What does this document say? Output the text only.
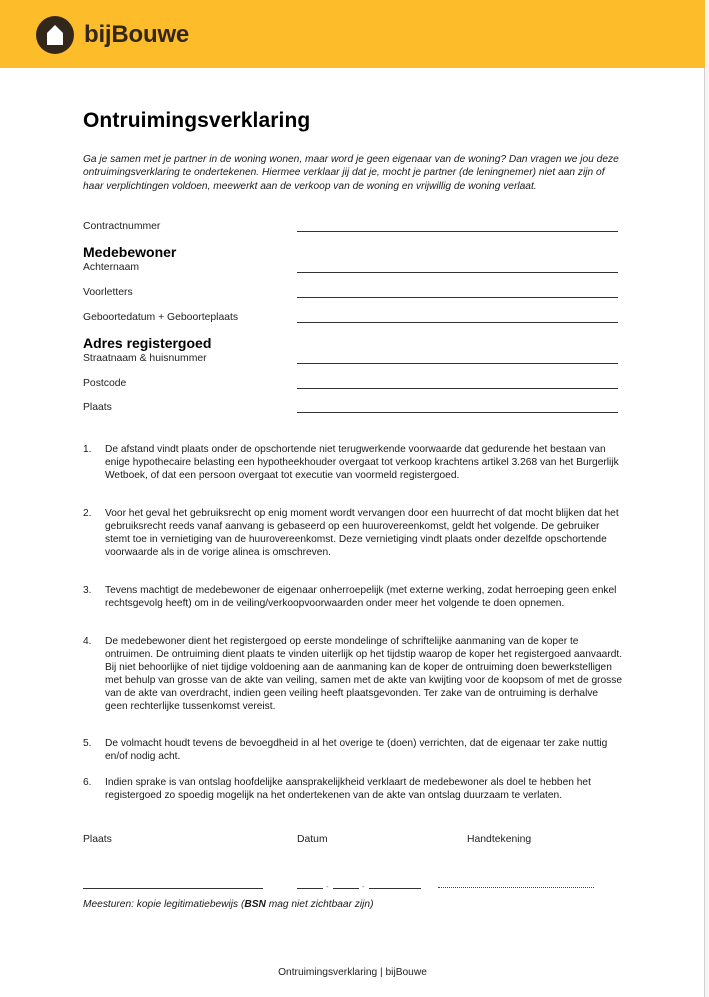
bijBouwe
Ontruimingsverklaring

Ga je samen met je partner in de woning wonen, maar word je geen eigenaar van de woning? Dan vragen we jou deze ontruimingsverklaring te ondertekenen. Hiermee verklaar jij dat je, mocht je partner (de leningnemer) niet aan zijn of haar verplichtingen voldoen, meewerkt aan de verkoop van de woning en vrijwillig de woning verlaat.

Contractnummer
Medebewoner
Achternaam
Voorletters
Geboortedatum + Geboorteplaats
Adres registergoed
Straatnaam & huisnummer
Postcode
Plaats
1.	De afstand vindt plaats onder de opschortende niet terugwerkende voorwaarde dat gedurende het bestaan van enige hypothecaire belasting een hypotheekhouder overgaat tot verkoop krachtens artikel 3.268 van het Burgerlijk Wetboek, of dat een persoon overgaat tot executie van voormeld registergoed.
2.	Voor het geval het gebruiksrecht op enig moment wordt vervangen door een huurrecht of dat mocht blijken dat het gebruiksrecht reeds vanaf aanvang is gebaseerd op een huurovereenkomst, geldt het volgende. De gebruiker stemt toe in vernietiging van de huurovereenkomst. Deze vernietiging vindt plaats onder dezelfde opschortende voorwaarde als in de vorige alinea is omschreven.
3.	Tevens machtigt de medebewoner de eigenaar onherroepelijk (met externe werking, zodat herroeping geen enkel rechtsgevolg heeft) om in de veiling/verkoopvoorwaarden onder meer het volgende te doen opnemen.
4.	De medebewoner dient het registergoed op eerste mondelinge of schriftelijke aanmaning van de koper te ontruimen. De ontruiming dient plaats te vinden uiterlijk op het tijdstip waarop de koper het registergoed aanvaardt. Bij niet behoorlijke of niet tijdige voldoening aan de aanmaning kan de koper de ontruiming doen bewerkstelligen met behulp van grosse van de akte van veiling, samen met de akte van kwijting voor de koopsom of met de grosse van de akte van overdracht, indien geen veiling heeft plaatsgevonden. Ter zake van de ontruiming is derhalve geen rechterlijke tussenkomst vereist.
5.	De volmacht houdt tevens de bevoegdheid in al het overige te (doen) verrichten, dat de eigenaar ter zake nuttig en/of nodig acht.
6.	Indien sprake is van ontslag hoofdelijke aansprakelijkheid verklaart de medebewoner als doel te hebben het registergoed zo spoedig mogelijk na het ondertekenen van de akte van ontslag duurzaam te verlaten.
Plaats	Datum	Handtekening
-	-

Meesturen: kopie legitimatiebewijs (BSN mag niet zichtbaar zijn)

Ontruimingsverklaring | bijBouwe
